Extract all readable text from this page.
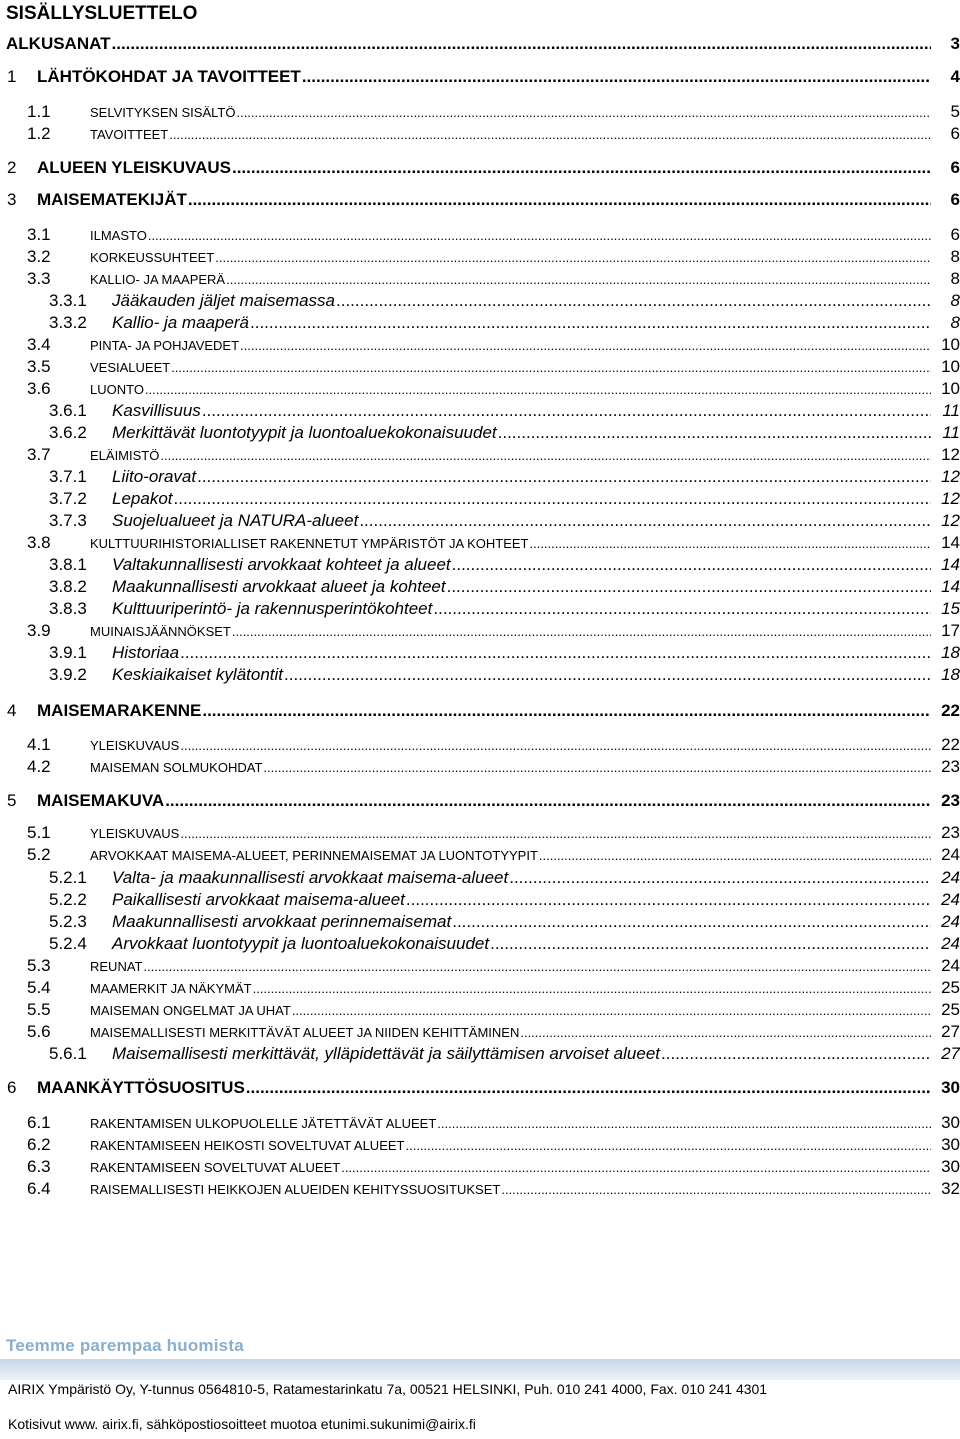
SISÄLLYSLUETTELO
ALKUSANAT .....	3
1	LÄHTÖKOHDAT JA TAVOITTEET .....	4
1.1	SELVITYKSEN SISÄLTÖ .....	5
1.2	TAVOITTEET .....	6
2	ALUEEN YLEISKUVAUS .....	6
3	MAISEMATEKIJÄT .....	6
3.1	ILMASTO .....	6
3.2	KORKEUSSUHTEET .....	8
3.3	KALLIO- JA MAAPERÄ .....	8
3.3.1	Jääkauden jäljet maisemassa .....	8
3.3.2	Kallio- ja maaperä .....	8
3.4	PINTA- JA POHJAVEDET .....	10
3.5	VESIALUEET .....	10
3.6	LUONTO .....	10
3.6.1	Kasvillisuus .....	11
3.6.2	Merkittävät luontotyypit ja luontoaluekokonaisuudet .....	11
3.7	ELÄIMISTÖ .....	12
3.7.1	Liito-oravat .....	12
3.7.2	Lepakot .....	12
3.7.3	Suojelualueet ja NATURA-alueet .....	12
3.8	KULTTUURIHISTORIALLISET RAKENNETUT YMPÄRISTÖT JA KOHTEET .....	14
3.8.1	Valtakunnallisesti arvokkaat kohteet ja alueet .....	14
3.8.2	Maakunnallisesti arvokkaat alueet ja kohteet .....	14
3.8.3	Kulttuuriperintö- ja rakennusperintökohteet .....	15
3.9	MUINAISJÄÄNNÖKSET .....	17
3.9.1	Historiaa .....	18
3.9.2	Keskiaikaiset kylätontit .....	18
4	MAISEMARAKENNE .....	22
4.1	YLEISKUVAUS .....	22
4.2	MAISEMAN SOLMUKOHDAT .....	23
5	MAISEMAKUVA .....	23
5.1	YLEISKUVAUS .....	23
5.2	ARVOKKAAT MAISEMA-ALUEET, PERINNEMAISEMAT JA LUONTOTYYPIT .....	24
5.2.1	Valta- ja maakunnallisesti arvokkaat maisema-alueet .....	24
5.2.2	Paikallisesti arvokkaat maisema-alueet .....	24
5.2.3	Maakunnallisesti arvokkaat perinnemaisemat .....	24
5.2.4	Arvokkaat luontotyypit ja luontoaluekokonaisuudet .....	24
5.3	REUNAT .....	24
5.4	MAAMERKIT JA NÄKYMÄT .....	25
5.5	MAISEMAN ONGELMAT JA UHAT .....	25
5.6	MAISEMALLISESTI MERKITTÄVÄT ALUEET JA NIIDEN KEHITTÄMINEN .....	27
5.6.1	Maisemallisesti merkittävät, ylläpidettävät ja säilyttämisen arvoiset alueet .....	27
6	MAANKÄYTTÖSUOSITUS .....	30
6.1	RAKENTAMISEN ULKOPUOLELLE JÄTETTÄVÄT ALUEET .....	30
6.2	RAKENTAMISEEN HEIKOSTI SOVELTUVAT ALUEET .....	30
6.3	RAKENTAMISEEN SOVELTUVAT ALUEET .....	30
6.4	RAISEMALLISESTI HEIKKOJEN ALUEIDEN KEHITYSSUOSITUKSET .....	32
Teemme parempaa huomista

AIRIX Ympäristö Oy, Y-tunnus 0564810-5, Ratamestarinkatu 7a, 00521 HELSINKI, Puh. 010 241 4000, Fax. 010 241 4301

Kotisivut www. airix.fi, sähköpostiosoitteet muotoa etunimi.sukunimi@airix.fi
